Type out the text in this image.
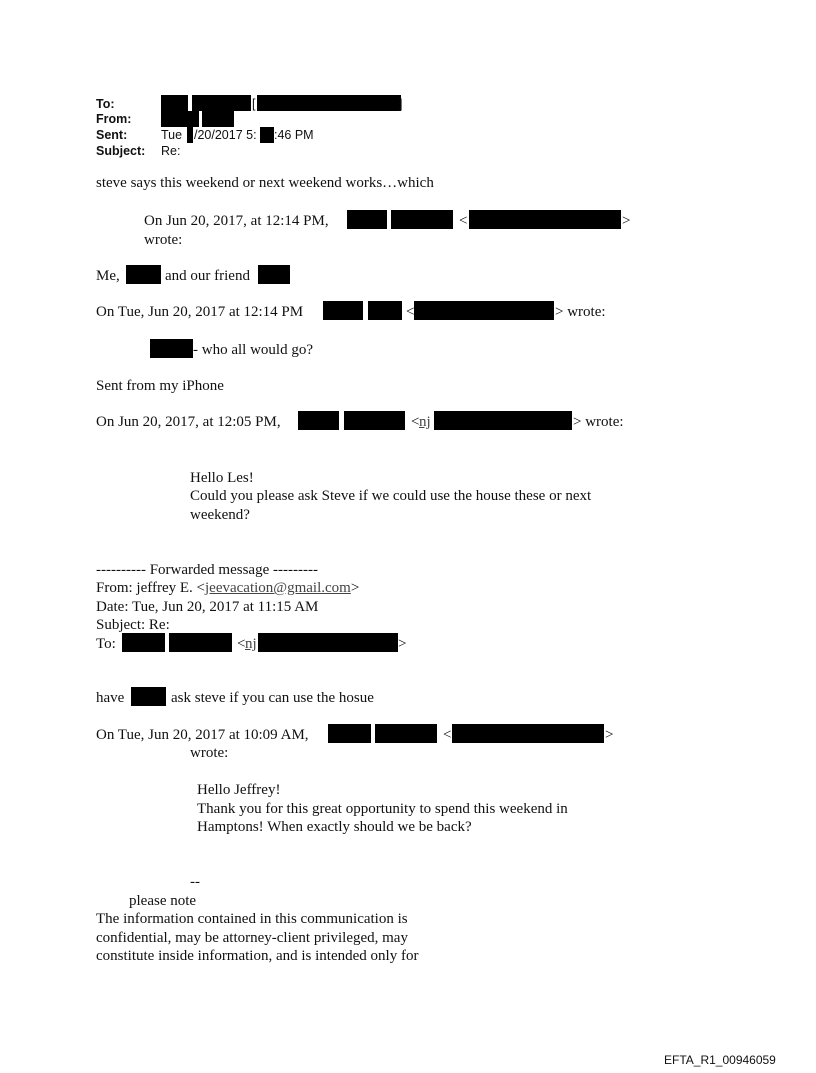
To:	[	]
From:
Sent:	Tue /20/2017 5: :46 PM
Subject: Re:
steve says this weekend or next weekend works…which
On Jun 20, 2017, at 12:14 PM,	<	>
wrote:
Me,	and our friend
On Tue, Jun 20, 2017 at 12:14 PM	<	> wrote:
- who all would go?
Sent from my iPhone
On Jun 20, 2017, at 12:05 PM,	< nj	> wrote:
Hello Les!
Could you please ask Steve if we could use the house these or next
weekend?
---------- Forwarded message ---------
From: jeffrey E. <jeevacation@gmail.com>
Date: Tue, Jun 20, 2017 at 11:15 AM
Subject: Re:
To:	< nj	>
have	ask steve if you can use the hosue
On Tue, Jun 20, 2017 at 10:09 AM,	<	>
wrote:
Hello Jeffrey!
Thank you for this great opportunity to spend this weekend in
Hamptons! When exactly should we be back?
--
please note
The information contained in this communication is
confidential, may be attorney-client privileged, may
constitute inside information, and is intended only for
EFTA_R1_00946059
